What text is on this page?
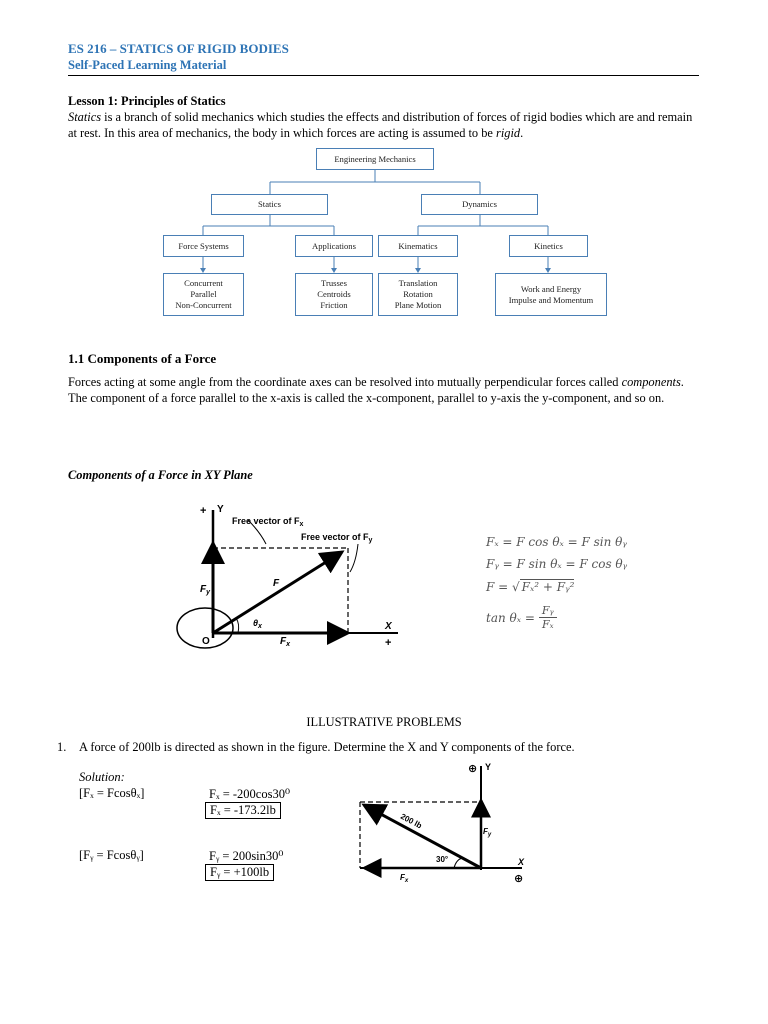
ES 216 – STATICS OF RIGID BODIES
Self-Paced Learning Material
Lesson 1: Principles of Statics
Statics is a branch of solid mechanics which studies the effects and distribution of forces of rigid bodies which are and remain at rest. In this area of mechanics, the body in which forces are acting is assumed to be rigid.
Engineering Mechanics
Statics	Dynamics
Force Systems	Applications	Kinematics	Kinetics
Concurrent
Parallel
Non-Concurrent
Trusses
Centroids
Friction
Translation
Rotation
Plane Motion
Work and Energy
Impulse and Momentum
1.1 Components of a Force
Forces acting at some angle from the coordinate axes can be resolved into mutually perpendicular forces called components. The component of a force parallel to the x-axis is called the x-component, parallel to y-axis the y-component, and so on.
Components of a Force in XY Plane
+ Y
Free vector of $F_x$
Free vector of $F_y$
F
$F_y$
$F_x$
$\theta_x$
O
X
+
Fₓ = F cos θₓ = F sin θᵧ
Fᵧ = F sin θₓ = F cos θᵧ
F = √ Fₓ² + Fᵧ²
$\tan \theta_x = \frac{\text{Fᵧ}}{\text{Fₓ}}$
ILLUSTRATIVE PROBLEMS
1. A force of 200lb is directed as shown in the figure. Determine the X and Y components of the force.
Solution:
[Fₓ = Fcosθₓ]	Fₓ = -200cos30⁰
Fₓ = -173.2lb
[Fᵧ = Fcosθᵧ]	Fᵧ = 200sin30⁰
Fᵧ = +100lb
⊕ Y
200 lb
30°
$F_y$
$F_x$
X
⊕
